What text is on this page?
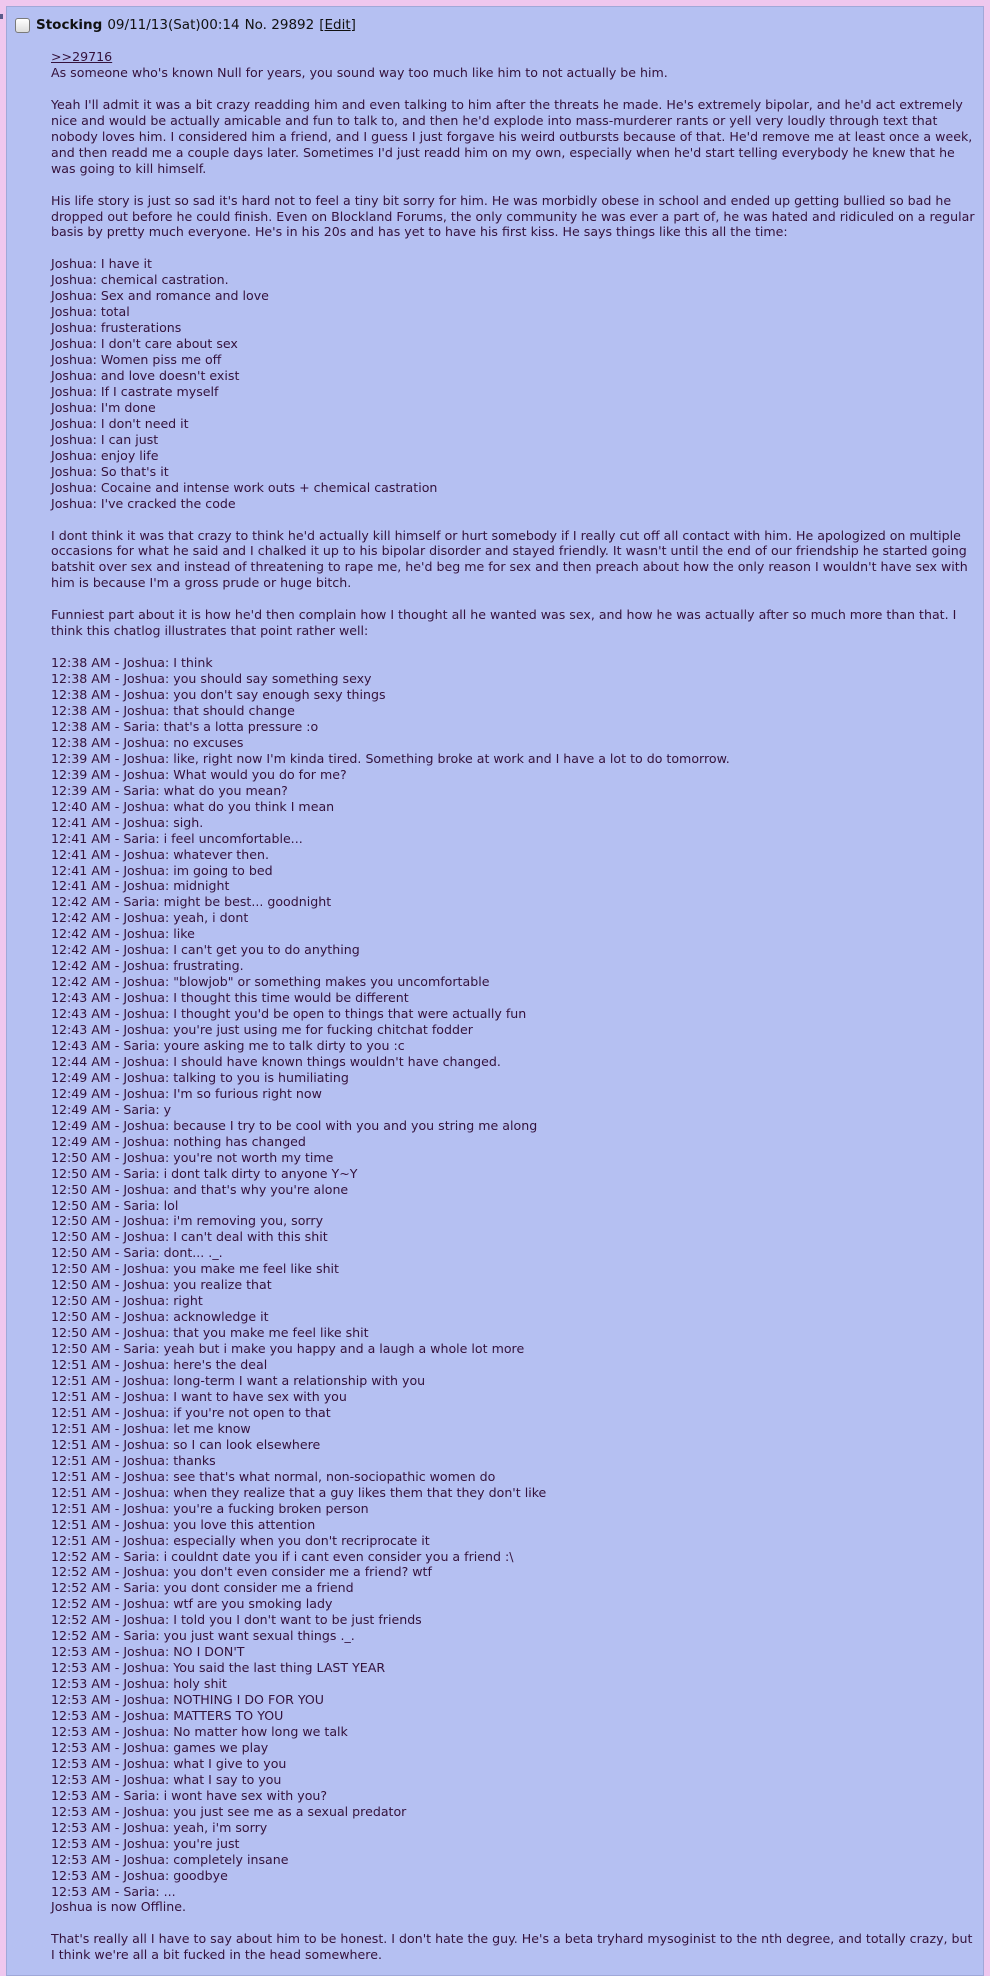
Stocking 09/11/13(Sat)00:14 No. 29892 [Edit]
>>29716
As someone who's known Null for years, you sound way too much like him to not actually be him.
Yeah I'll admit it was a bit crazy readding him and even talking to him after the threats he made. He's extremely bipolar, and he'd act extremely nice and would be actually amicable and fun to talk to, and then he'd explode into mass-murderer rants or yell very loudly through text that nobody loves him. I considered him a friend, and I guess I just forgave his weird outbursts because of that. He'd remove me at least once a week, and then readd me a couple days later. Sometimes I'd just readd him on my own, especially when he'd start telling everybody he knew that he was going to kill himself.
His life story is just so sad it's hard not to feel a tiny bit sorry for him. He was morbidly obese in school and ended up getting bullied so bad he dropped out before he could finish. Even on Blockland Forums, the only community he was ever a part of, he was hated and ridiculed on a regular basis by pretty much everyone. He's in his 20s and has yet to have his first kiss. He says things like this all the time:
Joshua: I have it
Joshua: chemical castration.
Joshua: Sex and romance and love
Joshua: total
Joshua: frusterations
Joshua: I don't care about sex
Joshua: Women piss me off
Joshua: and love doesn't exist
Joshua: If I castrate myself
Joshua: I'm done
Joshua: I don't need it
Joshua: I can just
Joshua: enjoy life
Joshua: So that's it
Joshua: Cocaine and intense work outs + chemical castration
Joshua: I've cracked the code
I dont think it was that crazy to think he'd actually kill himself or hurt somebody if I really cut off all contact with him. He apologized on multiple occasions for what he said and I chalked it up to his bipolar disorder and stayed friendly. It wasn't until the end of our friendship he started going batshit over sex and instead of threatening to rape me, he'd beg me for sex and then preach about how the only reason I wouldn't have sex with him is because I'm a gross prude or huge bitch.
Funniest part about it is how he'd then complain how I thought all he wanted was sex, and how he was actually after so much more than that. I think this chatlog illustrates that point rather well:
12:38 AM - Joshua: I think
12:38 AM - Joshua: you should say something sexy
12:38 AM - Joshua: you don't say enough sexy things
12:38 AM - Joshua: that should change
12:38 AM - Saria: that's a lotta pressure :o
12:38 AM - Joshua: no excuses
12:39 AM - Joshua: like, right now I'm kinda tired. Something broke at work and I have a lot to do tomorrow.
12:39 AM - Joshua: What would you do for me?
12:39 AM - Saria: what do you mean?
12:40 AM - Joshua: what do you think I mean
12:41 AM - Joshua: sigh.
12:41 AM - Saria: i feel uncomfortable...
12:41 AM - Joshua: whatever then.
12:41 AM - Joshua: im going to bed
12:41 AM - Joshua: midnight
12:42 AM - Saria: might be best... goodnight
12:42 AM - Joshua: yeah, i dont
12:42 AM - Joshua: like
12:42 AM - Joshua: I can't get you to do anything
12:42 AM - Joshua: frustrating.
12:42 AM - Joshua: "blowjob" or something makes you uncomfortable
12:43 AM - Joshua: I thought this time would be different
12:43 AM - Joshua: I thought you'd be open to things that were actually fun
12:43 AM - Joshua: you're just using me for fucking chitchat fodder
12:43 AM - Saria: youre asking me to talk dirty to you :c
12:44 AM - Joshua: I should have known things wouldn't have changed.
12:49 AM - Joshua: talking to you is humiliating
12:49 AM - Joshua: I'm so furious right now
12:49 AM - Saria: y
12:49 AM - Joshua: because I try to be cool with you and you string me along
12:49 AM - Joshua: nothing has changed
12:50 AM - Joshua: you're not worth my time
12:50 AM - Saria: i dont talk dirty to anyone Y~Y
12:50 AM - Joshua: and that's why you're alone
12:50 AM - Saria: lol
12:50 AM - Joshua: i'm removing you, sorry
12:50 AM - Joshua: I can't deal with this shit
12:50 AM - Saria: dont... ._.
12:50 AM - Joshua: you make me feel like shit
12:50 AM - Joshua: you realize that
12:50 AM - Joshua: right
12:50 AM - Joshua: acknowledge it
12:50 AM - Joshua: that you make me feel like shit
12:50 AM - Saria: yeah but i make you happy and a laugh a whole lot more
12:51 AM - Joshua: here's the deal
12:51 AM - Joshua: long-term I want a relationship with you
12:51 AM - Joshua: I want to have sex with you
12:51 AM - Joshua: if you're not open to that
12:51 AM - Joshua: let me know
12:51 AM - Joshua: so I can look elsewhere
12:51 AM - Joshua: thanks
12:51 AM - Joshua: see that's what normal, non-sociopathic women do
12:51 AM - Joshua: when they realize that a guy likes them that they don't like
12:51 AM - Joshua: you're a fucking broken person
12:51 AM - Joshua: you love this attention
12:51 AM - Joshua: especially when you don't recriprocate it
12:52 AM - Saria: i couldnt date you if i cant even consider you a friend :\
12:52 AM - Joshua: you don't even consider me a friend? wtf
12:52 AM - Saria: you dont consider me a friend
12:52 AM - Joshua: wtf are you smoking lady
12:52 AM - Joshua: I told you I don't want to be just friends
12:52 AM - Saria: you just want sexual things ._.
12:53 AM - Joshua: NO I DON'T
12:53 AM - Joshua: You said the last thing LAST YEAR
12:53 AM - Joshua: holy shit
12:53 AM - Joshua: NOTHING I DO FOR YOU
12:53 AM - Joshua: MATTERS TO YOU
12:53 AM - Joshua: No matter how long we talk
12:53 AM - Joshua: games we play
12:53 AM - Joshua: what I give to you
12:53 AM - Joshua: what I say to you
12:53 AM - Saria: i wont have sex with you?
12:53 AM - Joshua: you just see me as a sexual predator
12:53 AM - Joshua: yeah, i'm sorry
12:53 AM - Joshua: you're just
12:53 AM - Joshua: completely insane
12:53 AM - Joshua: goodbye
12:53 AM - Saria: ...
Joshua is now Offline.
That's really all I have to say about him to be honest. I don't hate the guy. He's a beta tryhard mysoginist to the nth degree, and totally crazy, but I think we're all a bit fucked in the head somewhere.
